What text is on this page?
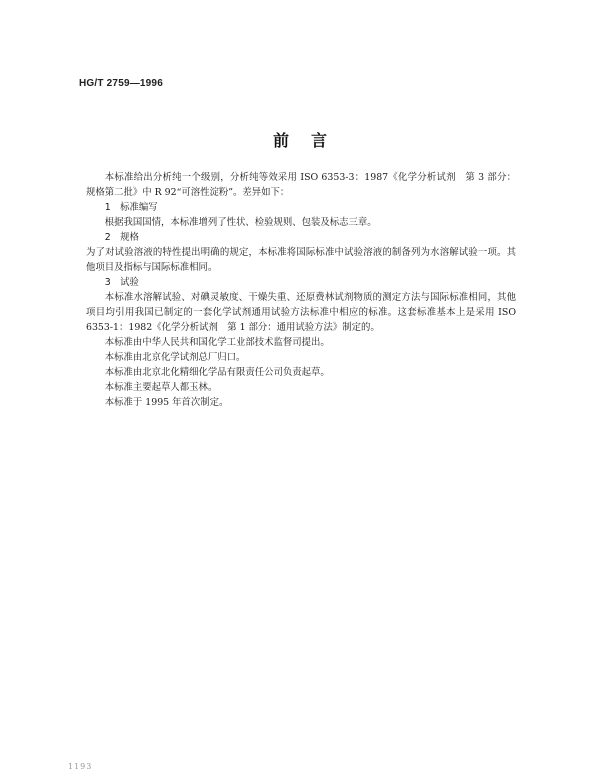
HG/T 2759—1996
前言

本标准给出分析纯一个级别，分析纯等效采用 ISO 6353-3：1987《化学分析试剂　第 3 部分：规格第二批》中 R 92“可溶性淀粉”。差异如下：

1　标准编写

根据我国国情，本标准增列了性状、检验规则、包装及标志三章。

2　规格

为了对试验溶液的特性提出明确的规定，本标准将国际标准中试验溶液的制备列为水溶解试验一项。其他项目及指标与国际标准相同。

3　试验

本标准水溶解试验、对碘灵敏度、干燥失重、还原费林试剂物质的测定方法与国际标准相同，其他项目均引用我国已制定的一套化学试剂通用试验方法标准中相应的标准。这套标准基本上是采用 ISO 6353-1：1982《化学分析试剂　第 1 部分：通用试验方法》制定的。

本标准由中华人民共和国化学工业部技术监督司提出。

本标准由北京化学试剂总厂归口。

本标准由北京北化精细化学品有限责任公司负责起草。

本标准主要起草人都玉林。

本标准于 1995 年首次制定。

1193
